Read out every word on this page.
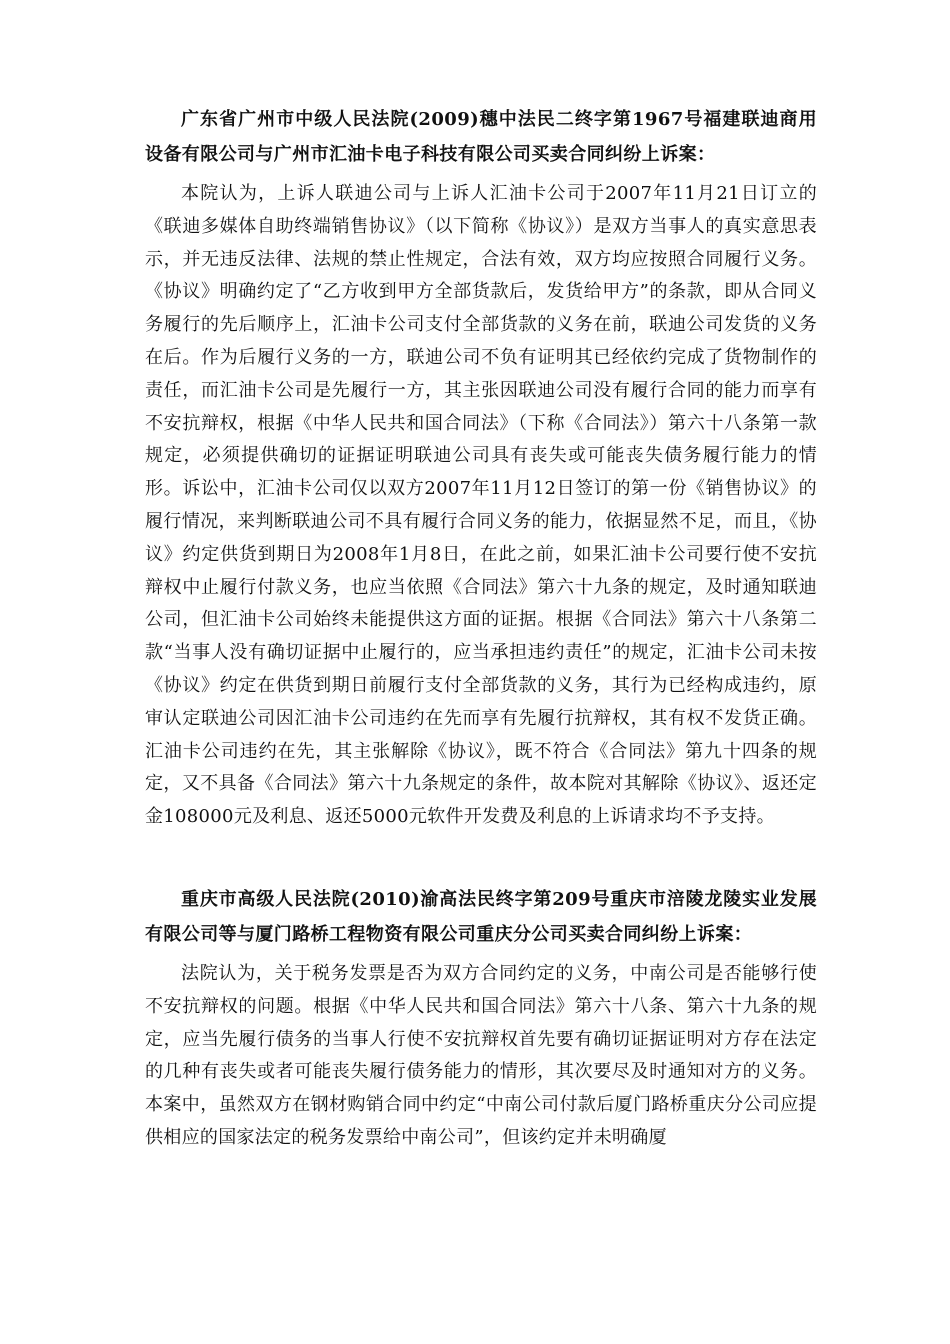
广东省广州市中级人民法院(2009)穗中法民二终字第1967号福建联迪商用设备有限公司与广州市汇油卡电子科技有限公司买卖合同纠纷上诉案：

本院认为，上诉人联迪公司与上诉人汇油卡公司于2007年11月21日订立的《联迪多媒体自助终端销售协议》（以下简称《协议》）是双方当事人的真实意思表示，并无违反法律、法规的禁止性规定，合法有效，双方均应按照合同履行义务。《协议》明确约定了“乙方收到甲方全部货款后，发货给甲方”的条款，即从合同义务履行的先后顺序上，汇油卡公司支付全部货款的义务在前，联迪公司发货的义务在后。作为后履行义务的一方，联迪公司不负有证明其已经依约完成了货物制作的责任，而汇油卡公司是先履行一方，其主张因联迪公司没有履行合同的能力而享有不安抗辩权，根据《中华人民共和国合同法》（下称《合同法》）第六十八条第一款规定，必须提供确切的证据证明联迪公司具有丧失或可能丧失债务履行能力的情形。诉讼中，汇油卡公司仅以双方2007年11月12日签订的第一份《销售协议》的履行情况，来判断联迪公司不具有履行合同义务的能力，依据显然不足，而且，《协议》约定供货到期日为2008年1月8日，在此之前，如果汇油卡公司要行使不安抗辩权中止履行付款义务，也应当依照《合同法》第六十九条的规定，及时通知联迪公司，但汇油卡公司始终未能提供这方面的证据。根据《合同法》第六十八条第二款“当事人没有确切证据中止履行的，应当承担违约责任”的规定，汇油卡公司未按《协议》约定在供货到期日前履行支付全部货款的义务，其行为已经构成违约，原审认定联迪公司因汇油卡公司违约在先而享有先履行抗辩权，其有权不发货正确。汇油卡公司违约在先，其主张解除《协议》，既不符合《合同法》第九十四条的规定，又不具备《合同法》第六十九条规定的条件，故本院对其解除《协议》、返还定金108000元及利息、返还5000元软件开发费及利息的上诉请求均不予支持。

重庆市高级人民法院(2010)渝高法民终字第209号重庆市涪陵龙陵实业发展有限公司等与厦门路桥工程物资有限公司重庆分公司买卖合同纠纷上诉案：

法院认为，关于税务发票是否为双方合同约定的义务，中南公司是否能够行使不安抗辩权的问题。根据《中华人民共和国合同法》第六十八条、第六十九条的规定，应当先履行债务的当事人行使不安抗辩权首先要有确切证据证明对方存在法定的几种有丧失或者可能丧失履行债务能力的情形，其次要尽及时通知对方的义务。本案中，虽然双方在钢材购销合同中约定“中南公司付款后厦门路桥重庆分公司应提供相应的国家法定的税务发票给中南公司”，但该约定并未明确厦
